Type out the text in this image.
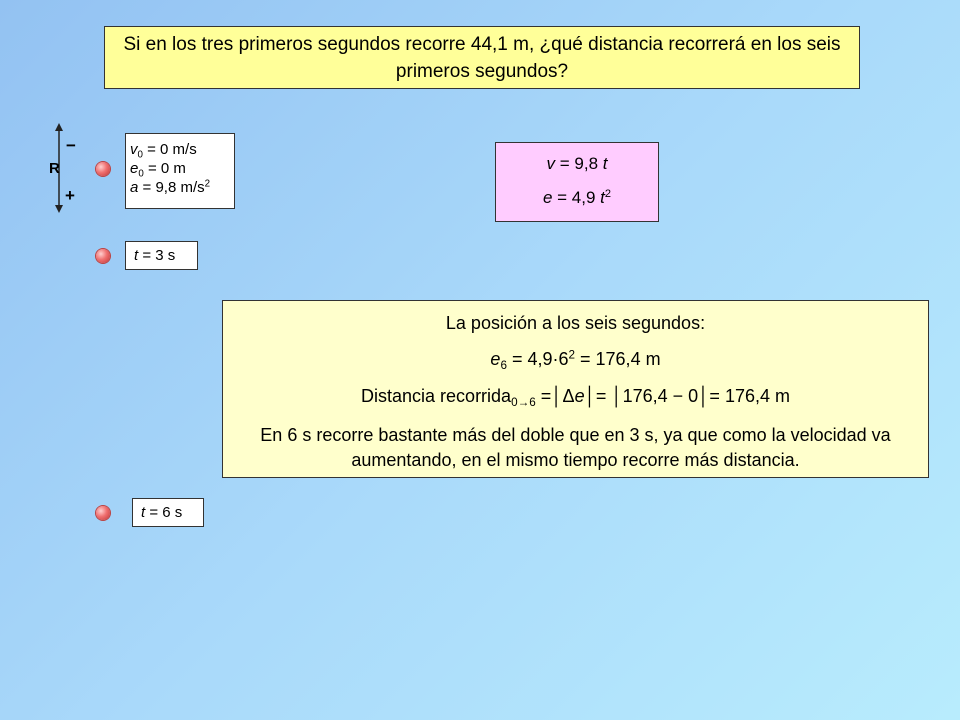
Si en los tres primeros segundos recorre 44,1 m, ¿qué distancia recorrerá en los seis primeros segundos?
−
R
+
$v_0 = 0$ m/s
$e_0 = 0$ m
a = 9,8 $m/s^2$
v = 9,8 t
e = 4,9 $t^2$
t = 3 s
La posición a los seis segundos:
$e_6 = 4,9\cdot 6^2 = 176,4$ m
Distancia recorrida$_{0\to 6}$ =│Δe│= │176,4 − 0│= 176,4 m
En 6 s recorre bastante más del doble que en 3 s, ya que como la velocidad va aumentando, en el mismo tiempo recorre más distancia.
t = 6 s
